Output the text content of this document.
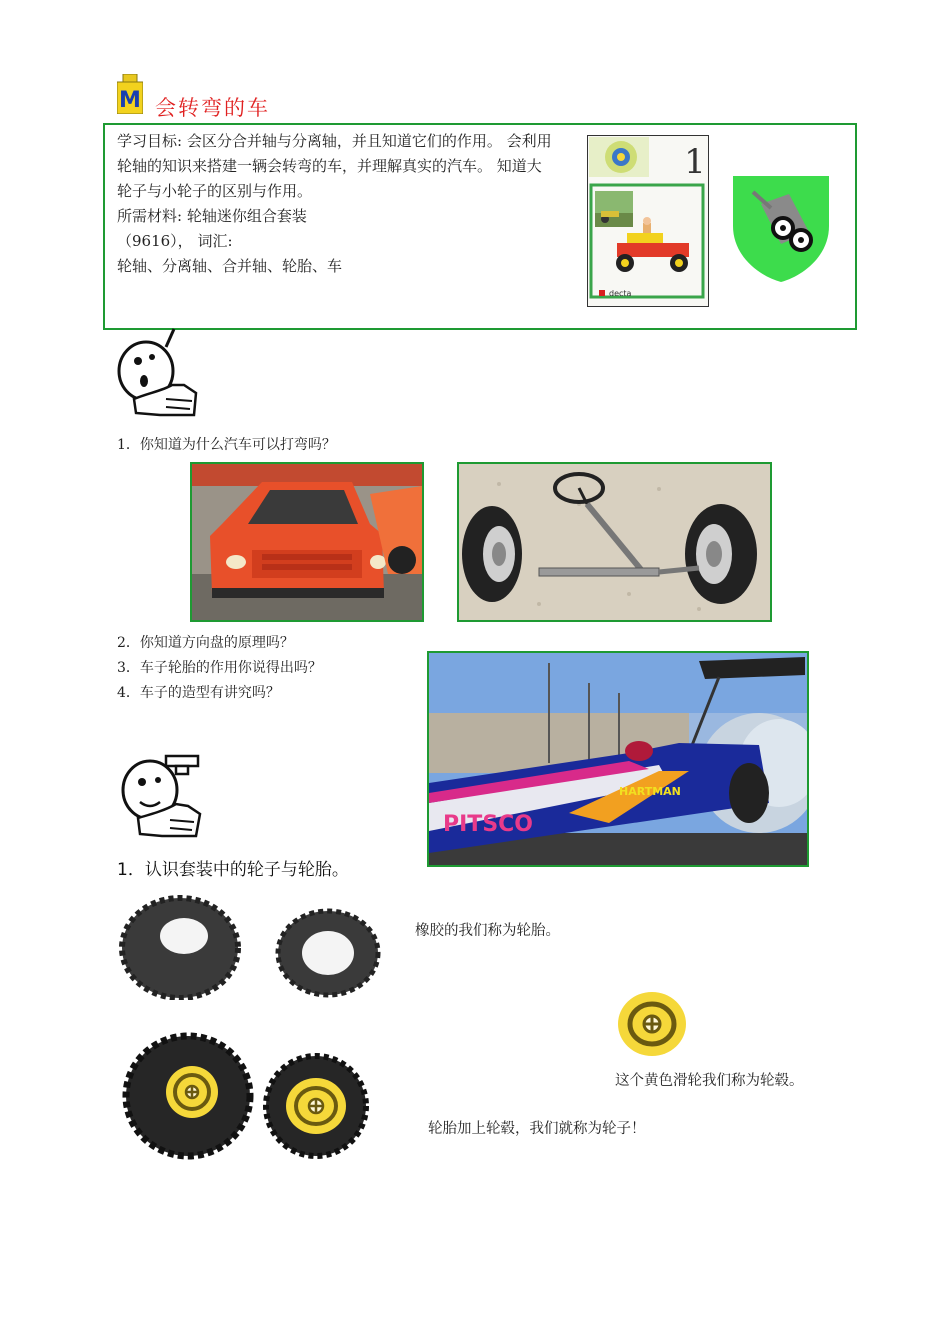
M 会转弯的车
学习目标: 会区分合并轴与分离轴，并且知道它们的作用。 会利用
轮轴的知识来搭建一辆会转弯的车，并理解真实的汽车。 知道大
轮子与小轮子的区别与作用。
所需材料: 轮轴迷你组合套装
（9616）， 词汇:
轮轴、分离轴、合并轴、轮胎、车
1
decta
1．你知道为什么汽车可以打弯吗？
2．你知道方向盘的原理吗？
3．车子轮胎的作用你说得出吗？
4．车子的造型有讲究吗？
PITSCO
HARTMAN
1．认识套装中的轮子与轮胎。
橡胶的我们称为轮胎。
这个黄色滑轮我们称为轮毂。
轮胎加上轮毂，我们就称为轮子！
